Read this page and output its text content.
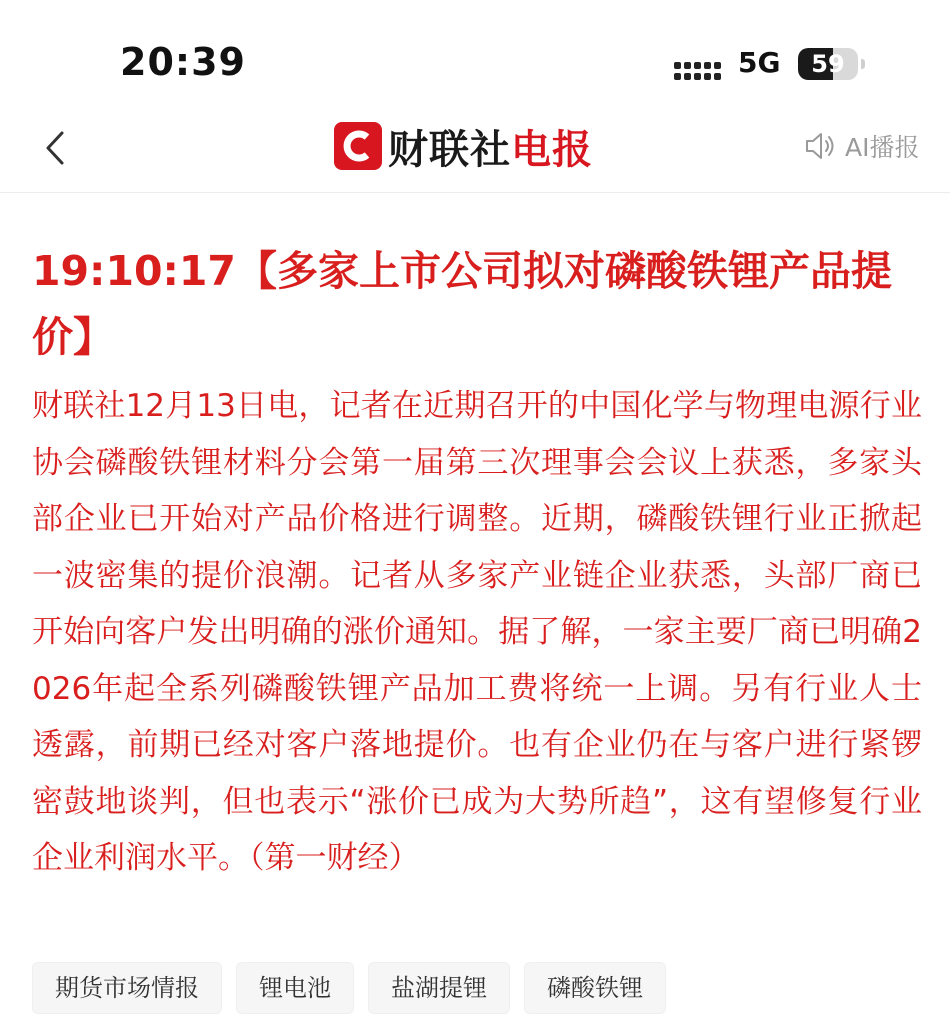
20:39	5G	59
财联社电报	AI播报
19:10:17【多家上市公司拟对磷酸铁锂产品提价】

财联社12月13日电，记者在近期召开的中国化学与物理电源行业协会磷酸铁锂材料分会第一届第三次理事会会议上获悉，多家头部企业已开始对产品价格进行调整。近期，磷酸铁锂行业正掀起一波密集的提价浪潮。记者从多家产业链企业获悉，头部厂商已开始向客户发出明确的涨价通知。据了解，一家主要厂商已明确2026年起全系列磷酸铁锂产品加工费将统一上调。另有行业人士透露，前期已经对客户落地提价。也有企业仍在与客户进行紧锣密鼓地谈判，但也表示“涨价已成为大势所趋”，这有望修复行业企业利润水平。（第一财经）

期货市场情报	锂电池	盐湖提锂	磷酸铁锂
